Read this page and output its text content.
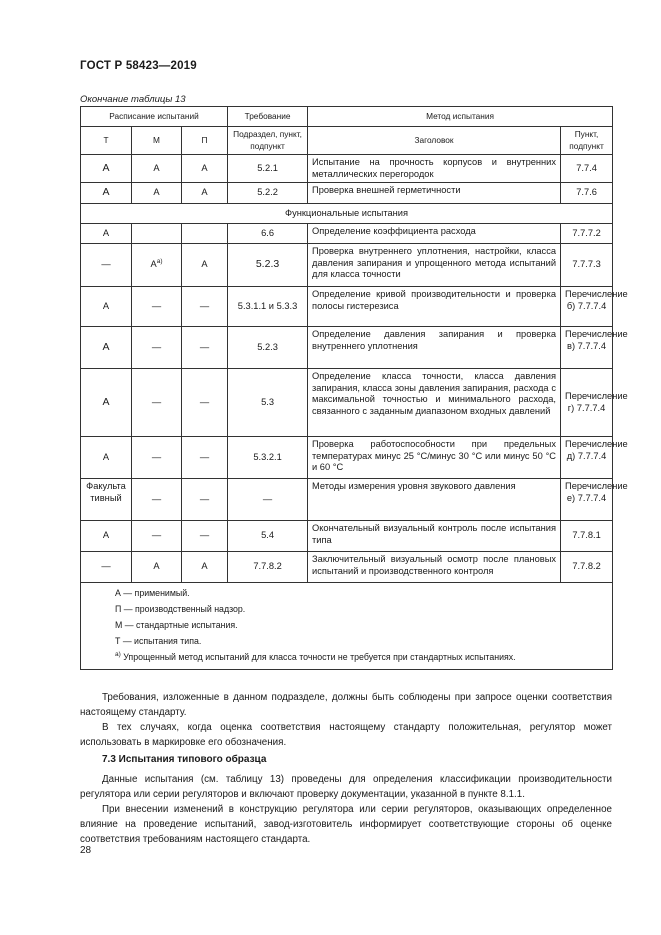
ГОСТ Р 58423—2019
Окончание таблицы 13
Расписание испытаний			Требование	Метод испытания	
Т	М	П	Подраздел, пункт, подпункт	Заголовок	Пункт, подпункт
А	А	А	5.2.1	Испытание на прочность корпусов и внутренних металлических перегородок	7.7.4
А	А	А	5.2.2	Проверка внешней герметичности	7.7.6
Функциональные испытания					
А			6.6	Определение коэффициента расхода	7.7.7.2
—	$А^{а)}$	А	5.2.3	Проверка внутреннего уплотнения, настройки, класса давления запирания и упрощенного метода испытаний для класса точности	7.7.7.3
А	—	—	5.3.1.1 и 5.3.3	Определение кривой производительности и проверка полосы гистерезиса	Перечисление б) 7.7.7.4
А	—	—	5.2.3	Определение давления запирания и проверка внутреннего уплотнения	Перечисление в) 7.7.7.4
А	—	—	5.3	Определение класса точности, класса давления запирания, класса зоны давления запирания, расхода с максимальной точностью и минимального расхода, связанного с заданным диапазоном входных давлений	Перечисление г) 7.7.7.4
А	—	—	5.3.2.1	Проверка работоспособности при предельных температурах минус 25 °С/минус 30 °С или минус 50 °С и 60 °С	Перечисление д) 7.7.7.4
Факультативный	—	—	—	Методы измерения уровня звукового давления	Перечисление е) 7.7.7.4
А	—	—	5.4	Окончательный визуальный контроль после испытания типа	7.7.8.1
—	А	А	7.7.8.2	Заключительный визуальный осмотр после плановых испытаний и производственного контроля	7.7.8.2

А — применимый.
П — производственный надзор.
М — стандартные испытания.
Т — испытания типа.
$^{а)}$ Упрощенный метод испытаний для класса точности не требуется при стандартных испытаниях.					

Требования, изложенные в данном подразделе, должны быть соблюдены при запросе оценки соответствия настоящему стандарту.

В тех случаях, когда оценка соответствия настоящему стандарту положительная, регулятор может использовать в маркировке его обозначения.

7.3 Испытания типового образца

Данные испытания (см. таблицу 13) проведены для определения классификации производительности регулятора или серии регуляторов и включают проверку документации, указанной в пункте 8.1.1.

При внесении изменений в конструкцию регулятора или серии регуляторов, оказывающих определенное влияние на проведение испытаний, завод-изготовитель информирует соответствующие стороны об оценке соответствия требованиям настоящего стандарта.

28
